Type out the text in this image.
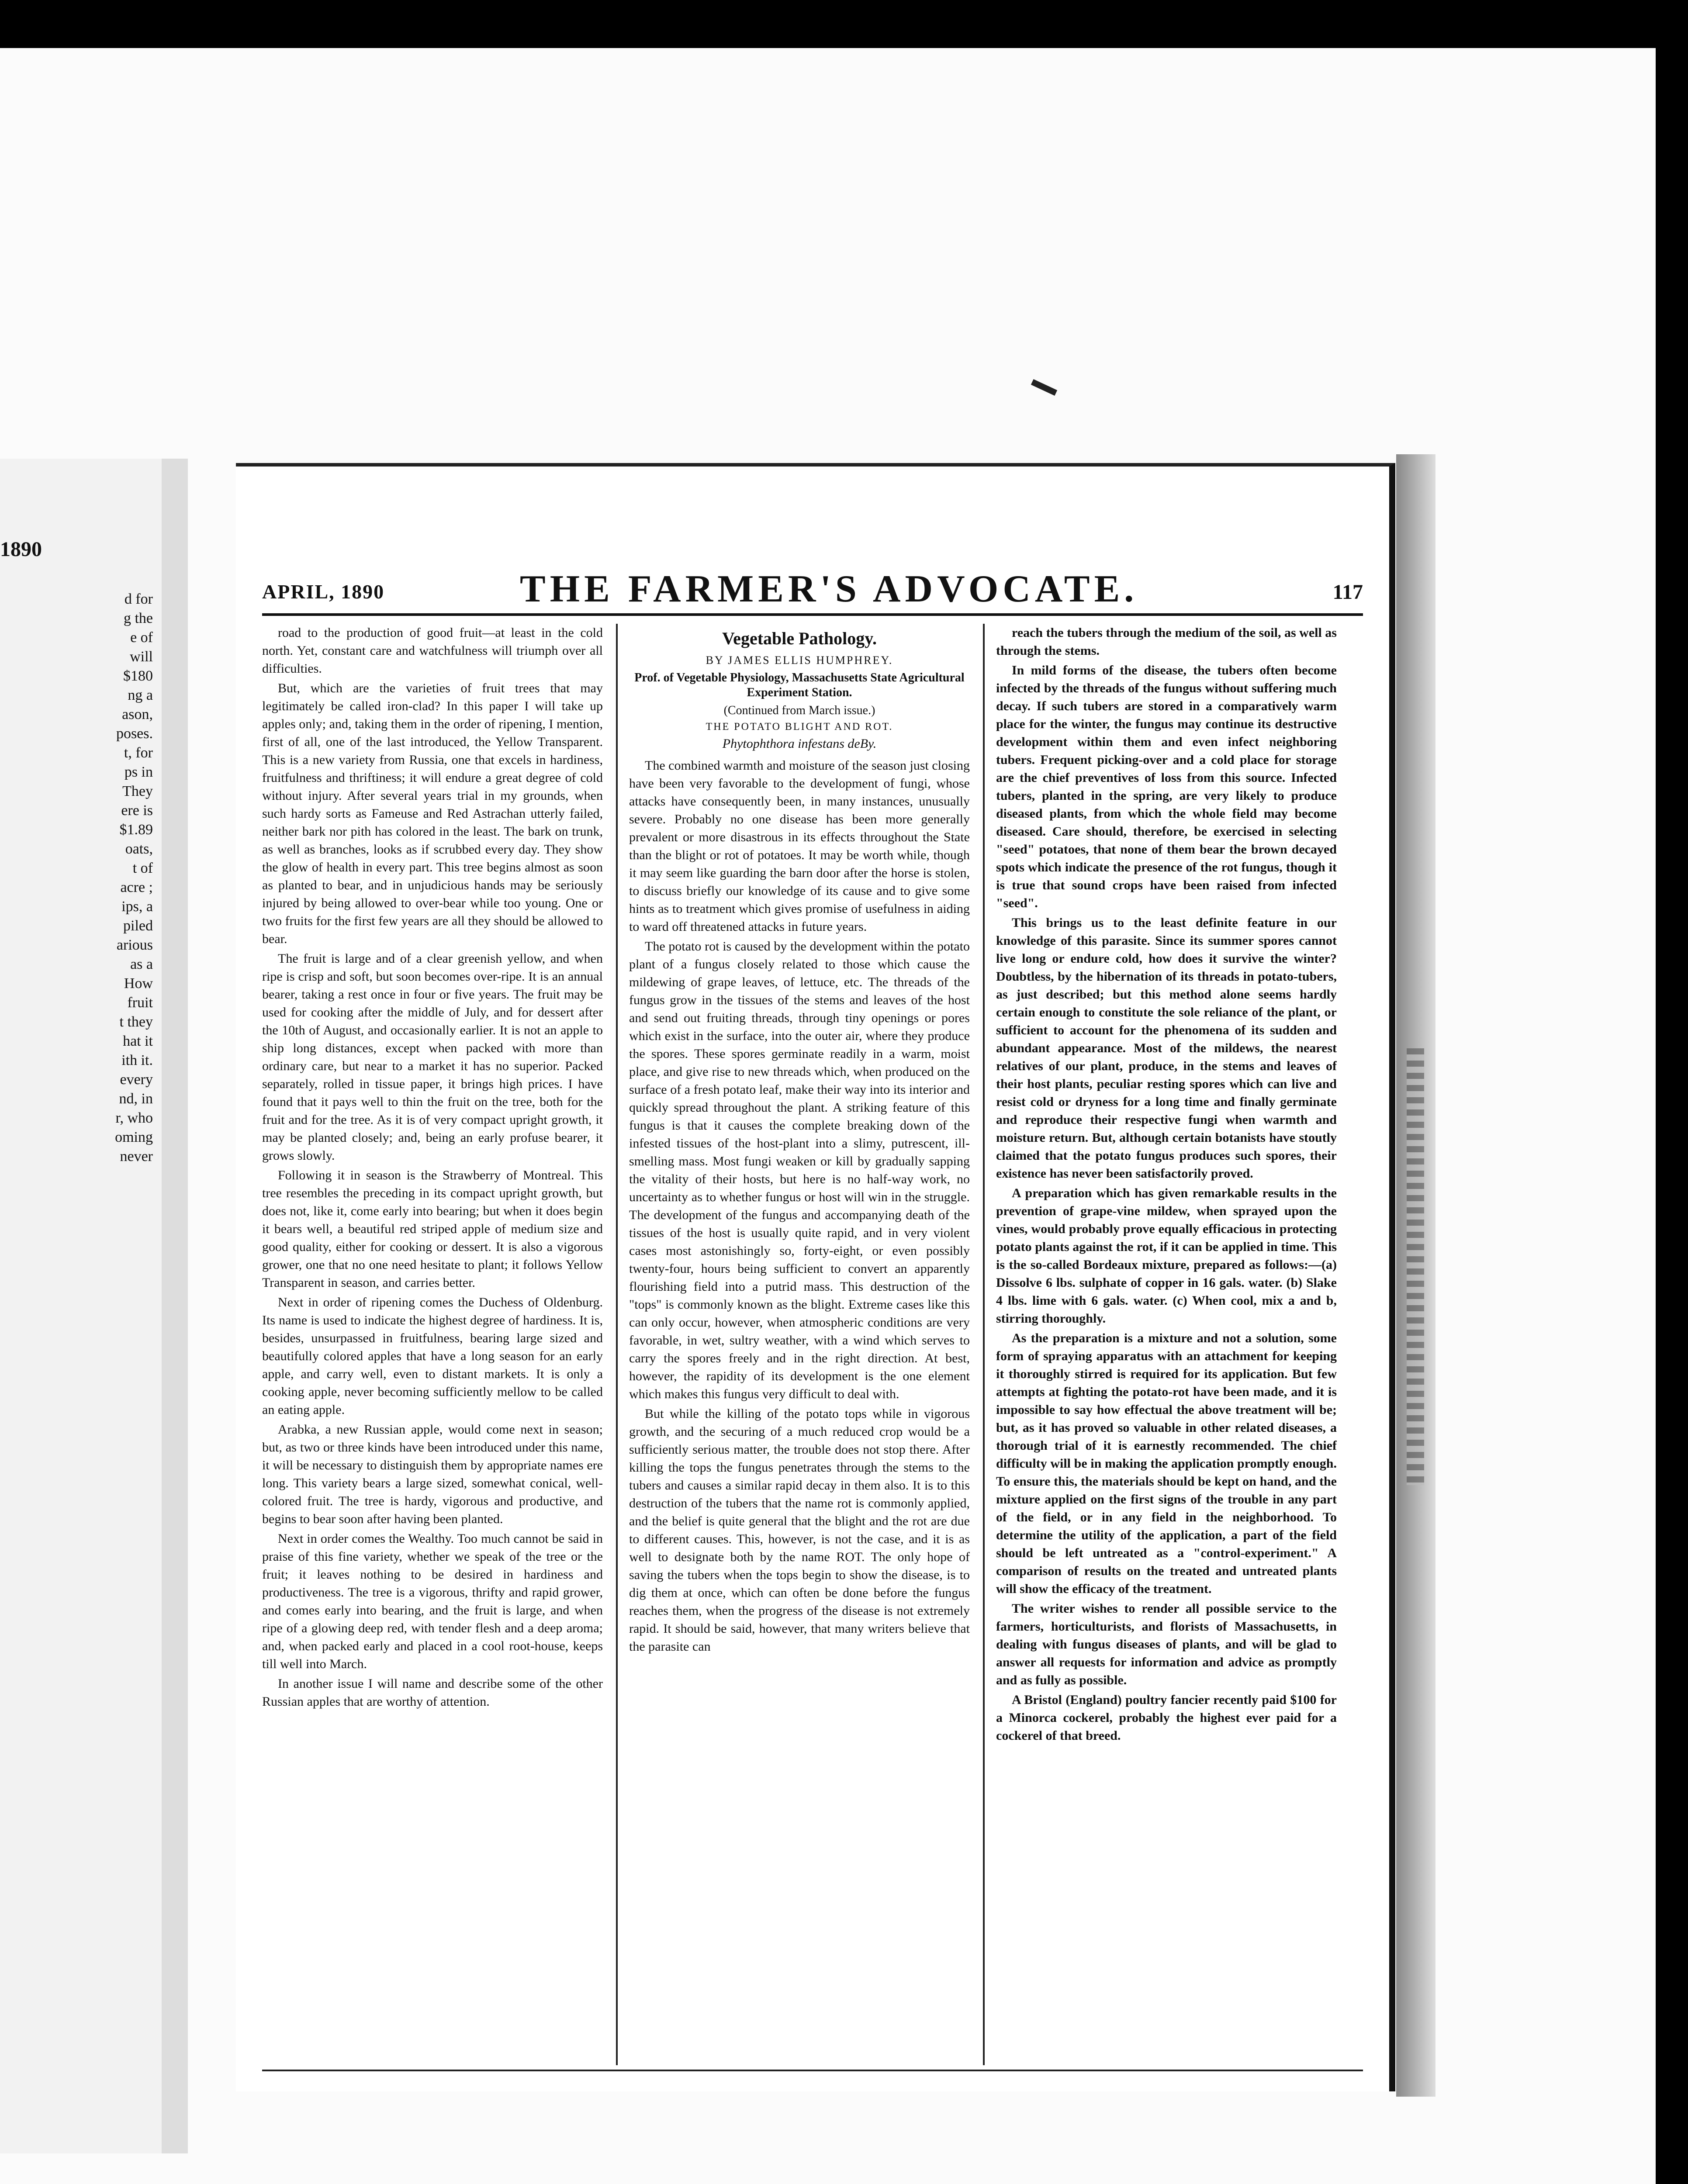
1890
d for
g the
e of
will
$180
ng a
ason,
poses.
t, for
ps in
They
ere is
$1.89
oats,
t of
acre ;
ips, a
piled
arious
as a
How
fruit
t they
hat it
ith it.
every
nd, in
r, who
oming
never
APRIL, 1890	THE FARMER'S ADVOCATE.	117

road to the production of good fruit—at least in the cold north. Yet, constant care and watchfulness will triumph over all difficulties.

But, which are the varieties of fruit trees that may legitimately be called iron-clad? In this paper I will take up apples only; and, taking them in the order of ripening, I mention, first of all, one of the last introduced, the Yellow Transparent. This is a new variety from Russia, one that excels in hardiness, fruitfulness and thriftiness; it will endure a great degree of cold without injury. After several years trial in my grounds, when such hardy sorts as Fameuse and Red Astrachan utterly failed, neither bark nor pith has colored in the least. The bark on trunk, as well as branches, looks as if scrubbed every day. They show the glow of health in every part. This tree begins almost as soon as planted to bear, and in unjudicious hands may be seriously injured by being allowed to over-bear while too young. One or two fruits for the first few years are all they should be allowed to bear.

The fruit is large and of a clear greenish yellow, and when ripe is crisp and soft, but soon becomes over-ripe. It is an annual bearer, taking a rest once in four or five years. The fruit may be used for cooking after the middle of July, and for dessert after the 10th of August, and occasionally earlier. It is not an apple to ship long distances, except when packed with more than ordinary care, but near to a market it has no superior. Packed separately, rolled in tissue paper, it brings high prices. I have found that it pays well to thin the fruit on the tree, both for the fruit and for the tree. As it is of very compact upright growth, it may be planted closely; and, being an early profuse bearer, it grows slowly.

Following it in season is the Strawberry of Montreal. This tree resembles the preceding in its compact upright growth, but does not, like it, come early into bearing; but when it does begin it bears well, a beautiful red striped apple of medium size and good quality, either for cooking or dessert. It is also a vigorous grower, one that no one need hesitate to plant; it follows Yellow Transparent in season, and carries better.

Next in order of ripening comes the Duchess of Oldenburg. Its name is used to indicate the highest degree of hardiness. It is, besides, unsurpassed in fruitfulness, bearing large sized and beautifully colored apples that have a long season for an early apple, and carry well, even to distant markets. It is only a cooking apple, never becoming sufficiently mellow to be called an eating apple.

Arabka, a new Russian apple, would come next in season; but, as two or three kinds have been introduced under this name, it will be necessary to distinguish them by appropriate names ere long. This variety bears a large sized, somewhat conical, well-colored fruit. The tree is hardy, vigorous and productive, and begins to bear soon after having been planted.

Next in order comes the Wealthy. Too much cannot be said in praise of this fine variety, whether we speak of the tree or the fruit; it leaves nothing to be desired in hardiness and productiveness. The tree is a vigorous, thrifty and rapid grower, and comes early into bearing, and the fruit is large, and when ripe of a glowing deep red, with tender flesh and a deep aroma; and, when packed early and placed in a cool root-house, keeps till well into March.

In another issue I will name and describe some of the other Russian apples that are worthy of attention.

Vegetable Pathology.
BY JAMES ELLIS HUMPHREY.
Prof. of Vegetable Physiology, Massachusetts State Agricultural Experiment Station.
(Continued from March issue.)
THE POTATO BLIGHT AND ROT.
Phytophthora infestans deBy.

The combined warmth and moisture of the season just closing have been very favorable to the development of fungi, whose attacks have consequently been, in many instances, unusually severe. Probably no one disease has been more generally prevalent or more disastrous in its effects throughout the State than the blight or rot of potatoes. It may be worth while, though it may seem like guarding the barn door after the horse is stolen, to discuss briefly our knowledge of its cause and to give some hints as to treatment which gives promise of usefulness in aiding to ward off threatened attacks in future years.

The potato rot is caused by the development within the potato plant of a fungus closely related to those which cause the mildewing of grape leaves, of lettuce, etc. The threads of the fungus grow in the tissues of the stems and leaves of the host and send out fruiting threads, through tiny openings or pores which exist in the surface, into the outer air, where they produce the spores. These spores germinate readily in a warm, moist place, and give rise to new threads which, when produced on the surface of a fresh potato leaf, make their way into its interior and quickly spread throughout the plant. A striking feature of this fungus is that it causes the complete breaking down of the infested tissues of the host-plant into a slimy, putrescent, ill-smelling mass. Most fungi weaken or kill by gradually sapping the vitality of their hosts, but here is no half-way work, no uncertainty as to whether fungus or host will win in the struggle. The development of the fungus and accompanying death of the tissues of the host is usually quite rapid, and in very violent cases most astonishingly so, forty-eight, or even possibly twenty-four, hours being sufficient to convert an apparently flourishing field into a putrid mass. This destruction of the "tops" is commonly known as the blight. Extreme cases like this can only occur, however, when atmospheric conditions are very favorable, in wet, sultry weather, with a wind which serves to carry the spores freely and in the right direction. At best, however, the rapidity of its development is the one element which makes this fungus very difficult to deal with.

But while the killing of the potato tops while in vigorous growth, and the securing of a much reduced crop would be a sufficiently serious matter, the trouble does not stop there. After killing the tops the fungus penetrates through the stems to the tubers and causes a similar rapid decay in them also. It is to this destruction of the tubers that the name rot is commonly applied, and the belief is quite general that the blight and the rot are due to different causes. This, however, is not the case, and it is as well to designate both by the name ROT. The only hope of saving the tubers when the tops begin to show the disease, is to dig them at once, which can often be done before the fungus reaches them, when the progress of the disease is not extremely rapid. It should be said, however, that many writers believe that the parasite can

reach the tubers through the medium of the soil, as well as through the stems.

In mild forms of the disease, the tubers often become infected by the threads of the fungus without suffering much decay. If such tubers are stored in a comparatively warm place for the winter, the fungus may continue its destructive development within them and even infect neighboring tubers. Frequent picking-over and a cold place for storage are the chief preventives of loss from this source. Infected tubers, planted in the spring, are very likely to produce diseased plants, from which the whole field may become diseased. Care should, therefore, be exercised in selecting "seed" potatoes, that none of them bear the brown decayed spots which indicate the presence of the rot fungus, though it is true that sound crops have been raised from infected "seed".

This brings us to the least definite feature in our knowledge of this parasite. Since its summer spores cannot live long or endure cold, how does it survive the winter? Doubtless, by the hibernation of its threads in potato-tubers, as just described; but this method alone seems hardly certain enough to constitute the sole reliance of the plant, or sufficient to account for the phenomena of its sudden and abundant appearance. Most of the mildews, the nearest relatives of our plant, produce, in the stems and leaves of their host plants, peculiar resting spores which can live and resist cold or dryness for a long time and finally germinate and reproduce their respective fungi when warmth and moisture return. But, although certain botanists have stoutly claimed that the potato fungus produces such spores, their existence has never been satisfactorily proved.

A preparation which has given remarkable results in the prevention of grape-vine mildew, when sprayed upon the vines, would probably prove equally efficacious in protecting potato plants against the rot, if it can be applied in time. This is the so-called Bordeaux mixture, prepared as follows:—(a) Dissolve 6 lbs. sulphate of copper in 16 gals. water. (b) Slake 4 lbs. lime with 6 gals. water. (c) When cool, mix a and b, stirring thoroughly.

As the preparation is a mixture and not a solution, some form of spraying apparatus with an attachment for keeping it thoroughly stirred is required for its application. But few attempts at fighting the potato-rot have been made, and it is impossible to say how effectual the above treatment will be; but, as it has proved so valuable in other related diseases, a thorough trial of it is earnestly recommended. The chief difficulty will be in making the application promptly enough. To ensure this, the materials should be kept on hand, and the mixture applied on the first signs of the trouble in any part of the field, or in any field in the neighborhood. To determine the utility of the application, a part of the field should be left untreated as a "control-experiment." A comparison of results on the treated and untreated plants will show the efficacy of the treatment.

The writer wishes to render all possible service to the farmers, horticulturists, and florists of Massachusetts, in dealing with fungus diseases of plants, and will be glad to answer all requests for information and advice as promptly and as fully as possible.

A Bristol (England) poultry fancier recently paid $100 for a Minorca cockerel, probably the highest ever paid for a cockerel of that breed.
